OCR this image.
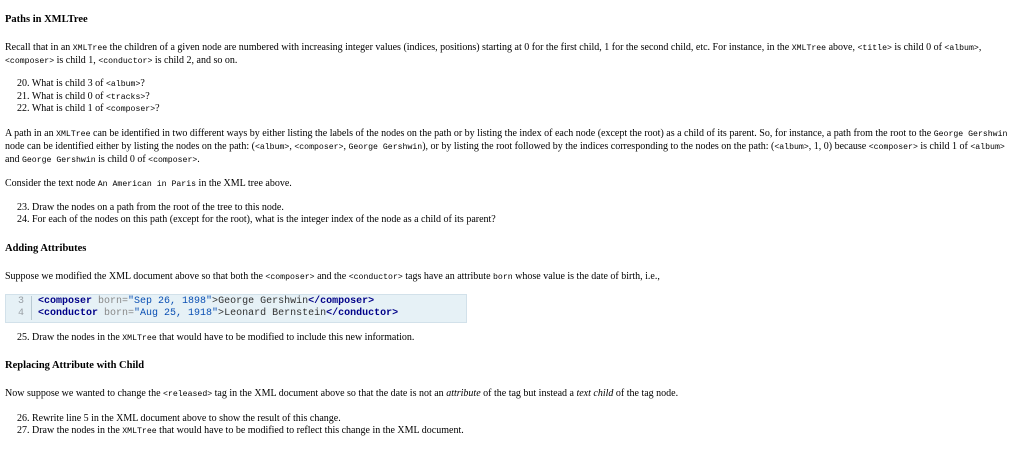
Paths in XMLTree
Recall that in an XMLTree the children of a given node are numbered with increasing integer values (indices, positions) starting at 0 for the first child, 1 for the second child, etc. For instance, in the XMLTree above, <title> is child 0 of <album>, <composer> is child 1, <conductor> is child 2, and so on.
20. What is child 3 of <album>?
21. What is child 0 of <tracks>?
22. What is child 1 of <composer>?
A path in an XMLTree can be identified in two different ways by either listing the labels of the nodes on the path or by listing the index of each node (except the root) as a child of its parent. So, for instance, a path from the root to the George Gershwin node can be identified either by listing the nodes on the path: (<album>, <composer>, George Gershwin), or by listing the root followed by the indices corresponding to the nodes on the path: (<album>, 1, 0) because <composer> is child 1 of <album> and George Gershwin is child 0 of <composer>.
Consider the text node An American in Paris in the XML tree above.
23. Draw the nodes on a path from the root of the tree to this node.
24. For each of the nodes on this path (except for the root), what is the integer index of the node as a child of its parent?
Adding Attributes
Suppose we modified the XML document above so that both the <composer> and the <conductor> tags have an attribute born whose value is the date of birth, i.e.,
3 <composer born="Sep 26, 1898">George Gershwin</composer>
4 <conductor born="Aug 25, 1918">Leonard Bernstein</conductor>
25. Draw the nodes in the XMLTree that would have to be modified to include this new information.
Replacing Attribute with Child
Now suppose we wanted to change the <released> tag in the XML document above so that the date is not an attribute of the tag but instead a text child of the tag node.
26. Rewrite line 5 in the XML document above to show the result of this change.
27. Draw the nodes in the XMLTree that would have to be modified to reflect this change in the XML document.
